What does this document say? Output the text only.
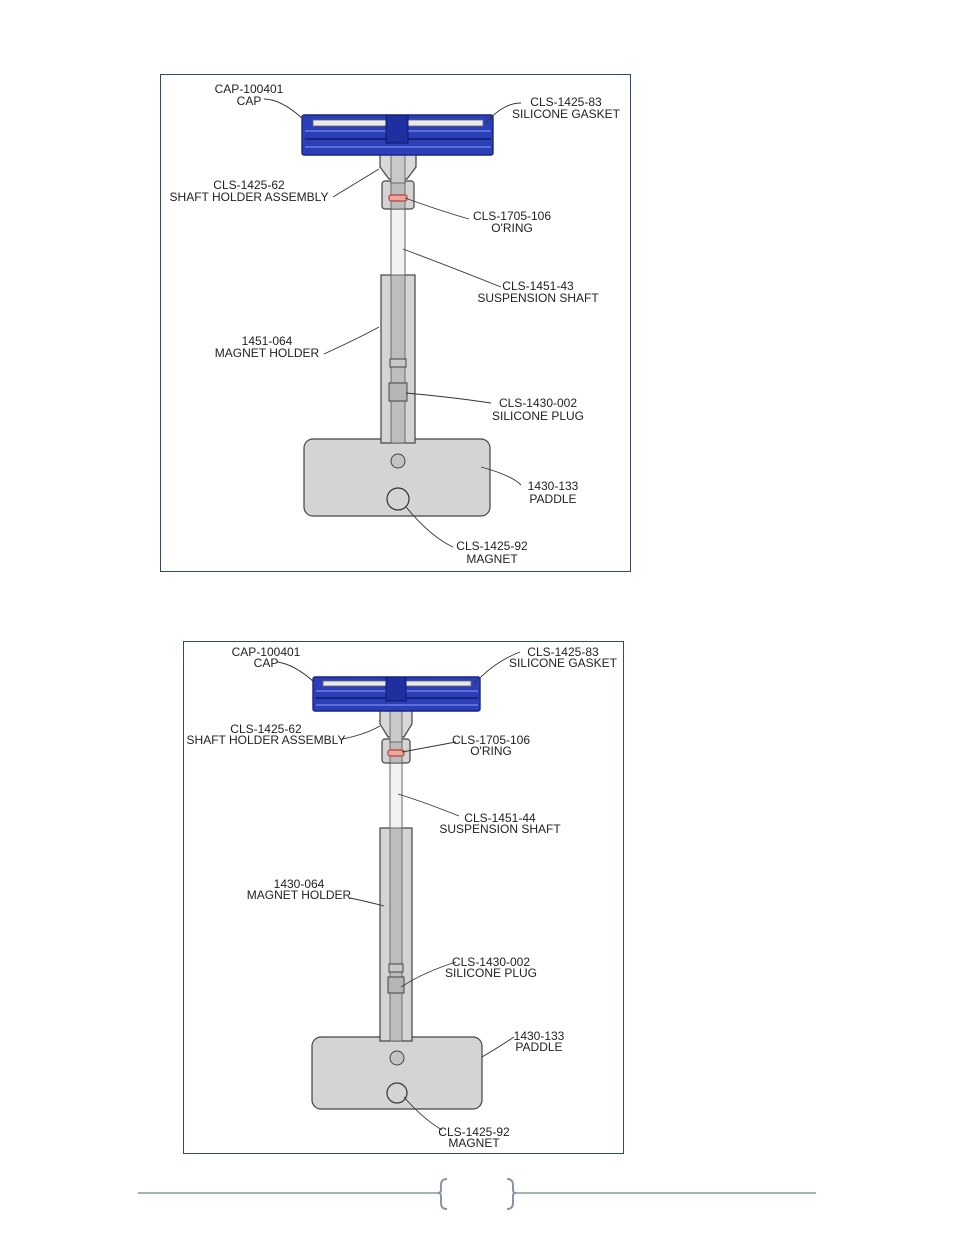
CAP-100401
CAP	CLS-1425-83
SILICONE GASKET
CLS-1425-62
SHAFT HOLDER ASSEMBLY
CLS-1705-106
O'RING
CLS-1451-43
SUSPENSION SHAFT
1451-064
MAGNET HOLDER
CLS-1430-002
SILICONE PLUG
1430-133
PADDLE
CLS-1425-92
MAGNET
CAP-100401
CAP
CLS-1425-83
SILICONE GASKET
CLS-1425-62
SHAFT HOLDER ASSEMBLY	CLS-1705-106
O'RING
CLS-1451-44
SUSPENSION SHAFT
1430-064
MAGNET HOLDER
CLS-1430-002
SILICONE PLUG
1430-133
PADDLE
CLS-1425-92
MAGNET
